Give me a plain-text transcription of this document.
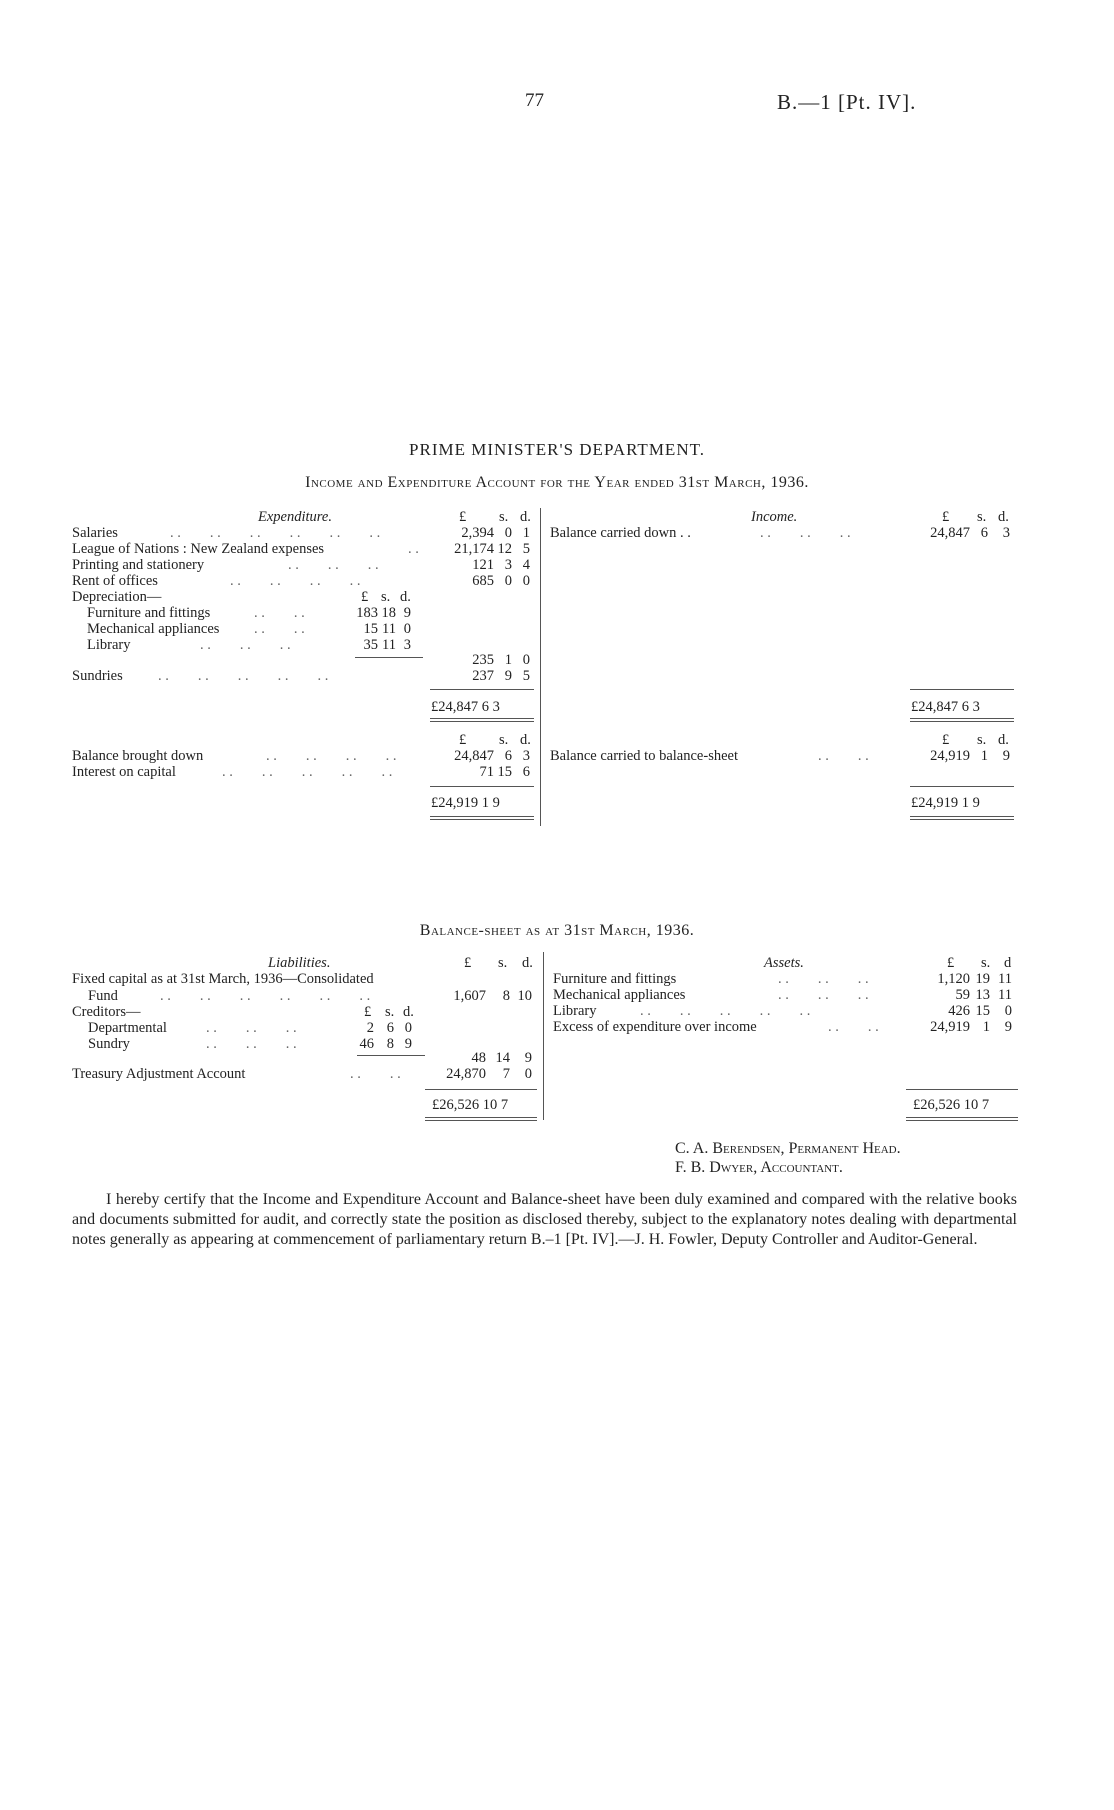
77	B.—1 [Pt. IV].
PRIME MINISTER'S DEPARTMENT.
Income and Expenditure Account for the Year ended 31st March, 1936.
Expenditure.	£ s. d.	Income.	£ s. d.
Salaries	. .        . .        . .        . .        . .        . .	2,394 0 1 Balance carried down . .	. .        . .        . .	24,847 6 3
League of Nations : New Zealand expenses	. . 21,174 12 5
Printing and stationery	. .        . .        . .	121 3 4
Rent of offices	. .        . .        . .        . .	685 0 0
Depreciation—	£ s. d.
Furniture and fittings	. .        . .	183 18 9
Mechanical appliances . .        . .	15 11 0
Library	. .        . .        . .	35 11 3
235 1 0
Sundries . .        . .        . .        . .        . .	237 9 5
£24,847 6 3	£24,847 6 3
£ s. d.	£ s. d.
Balance brought down	. .        . .        . .        . .	24,847 6 3 Balance carried to balance-sheet	. .        . .	24,919 1 9
Interest on capital	. .        . .        . .        . .        . .	71 15 6
£24,919 1 9	£24,919 1 9
Balance-sheet as at 31st March, 1936.
Liabilities.	£ s. d.	Assets.	£ s. d
Fixed capital as at 31st March, 1936—Consolidated
Fund	. .        . .        . .        . .        . .        . .	1,607 8 10
Creditors—	£ s. d.
Departmental	. .        . .        . .	2 6 0
Sundry	. .        . .        . .	46 8 9
48 14 9
Treasury Adjustment Account	. .        . .	24,870 7 0
Furniture and fittings	. .        . .        . .	1,120 19 11
Mechanical appliances	. .        . .        . .	59 13 11
Library	. .        . .        . .        . .        . .	426 15 0
Excess of expenditure over income	. .        . .	24,919 1 9
£26,526 10 7	£26,526 10 7
C. A. Berendsen, Permanent Head.
F. B. Dwyer, Accountant.
I hereby certify that the Income and Expenditure Account and Balance-sheet have been duly examined and compared with the relative books and documents submitted for audit, and correctly state the position as disclosed thereby, subject to the explanatory notes dealing with departmental notes generally as appearing at commencement of parliamentary return B.–1 [Pt. IV].—J. H. Fowler, Deputy Controller and Auditor-General.
